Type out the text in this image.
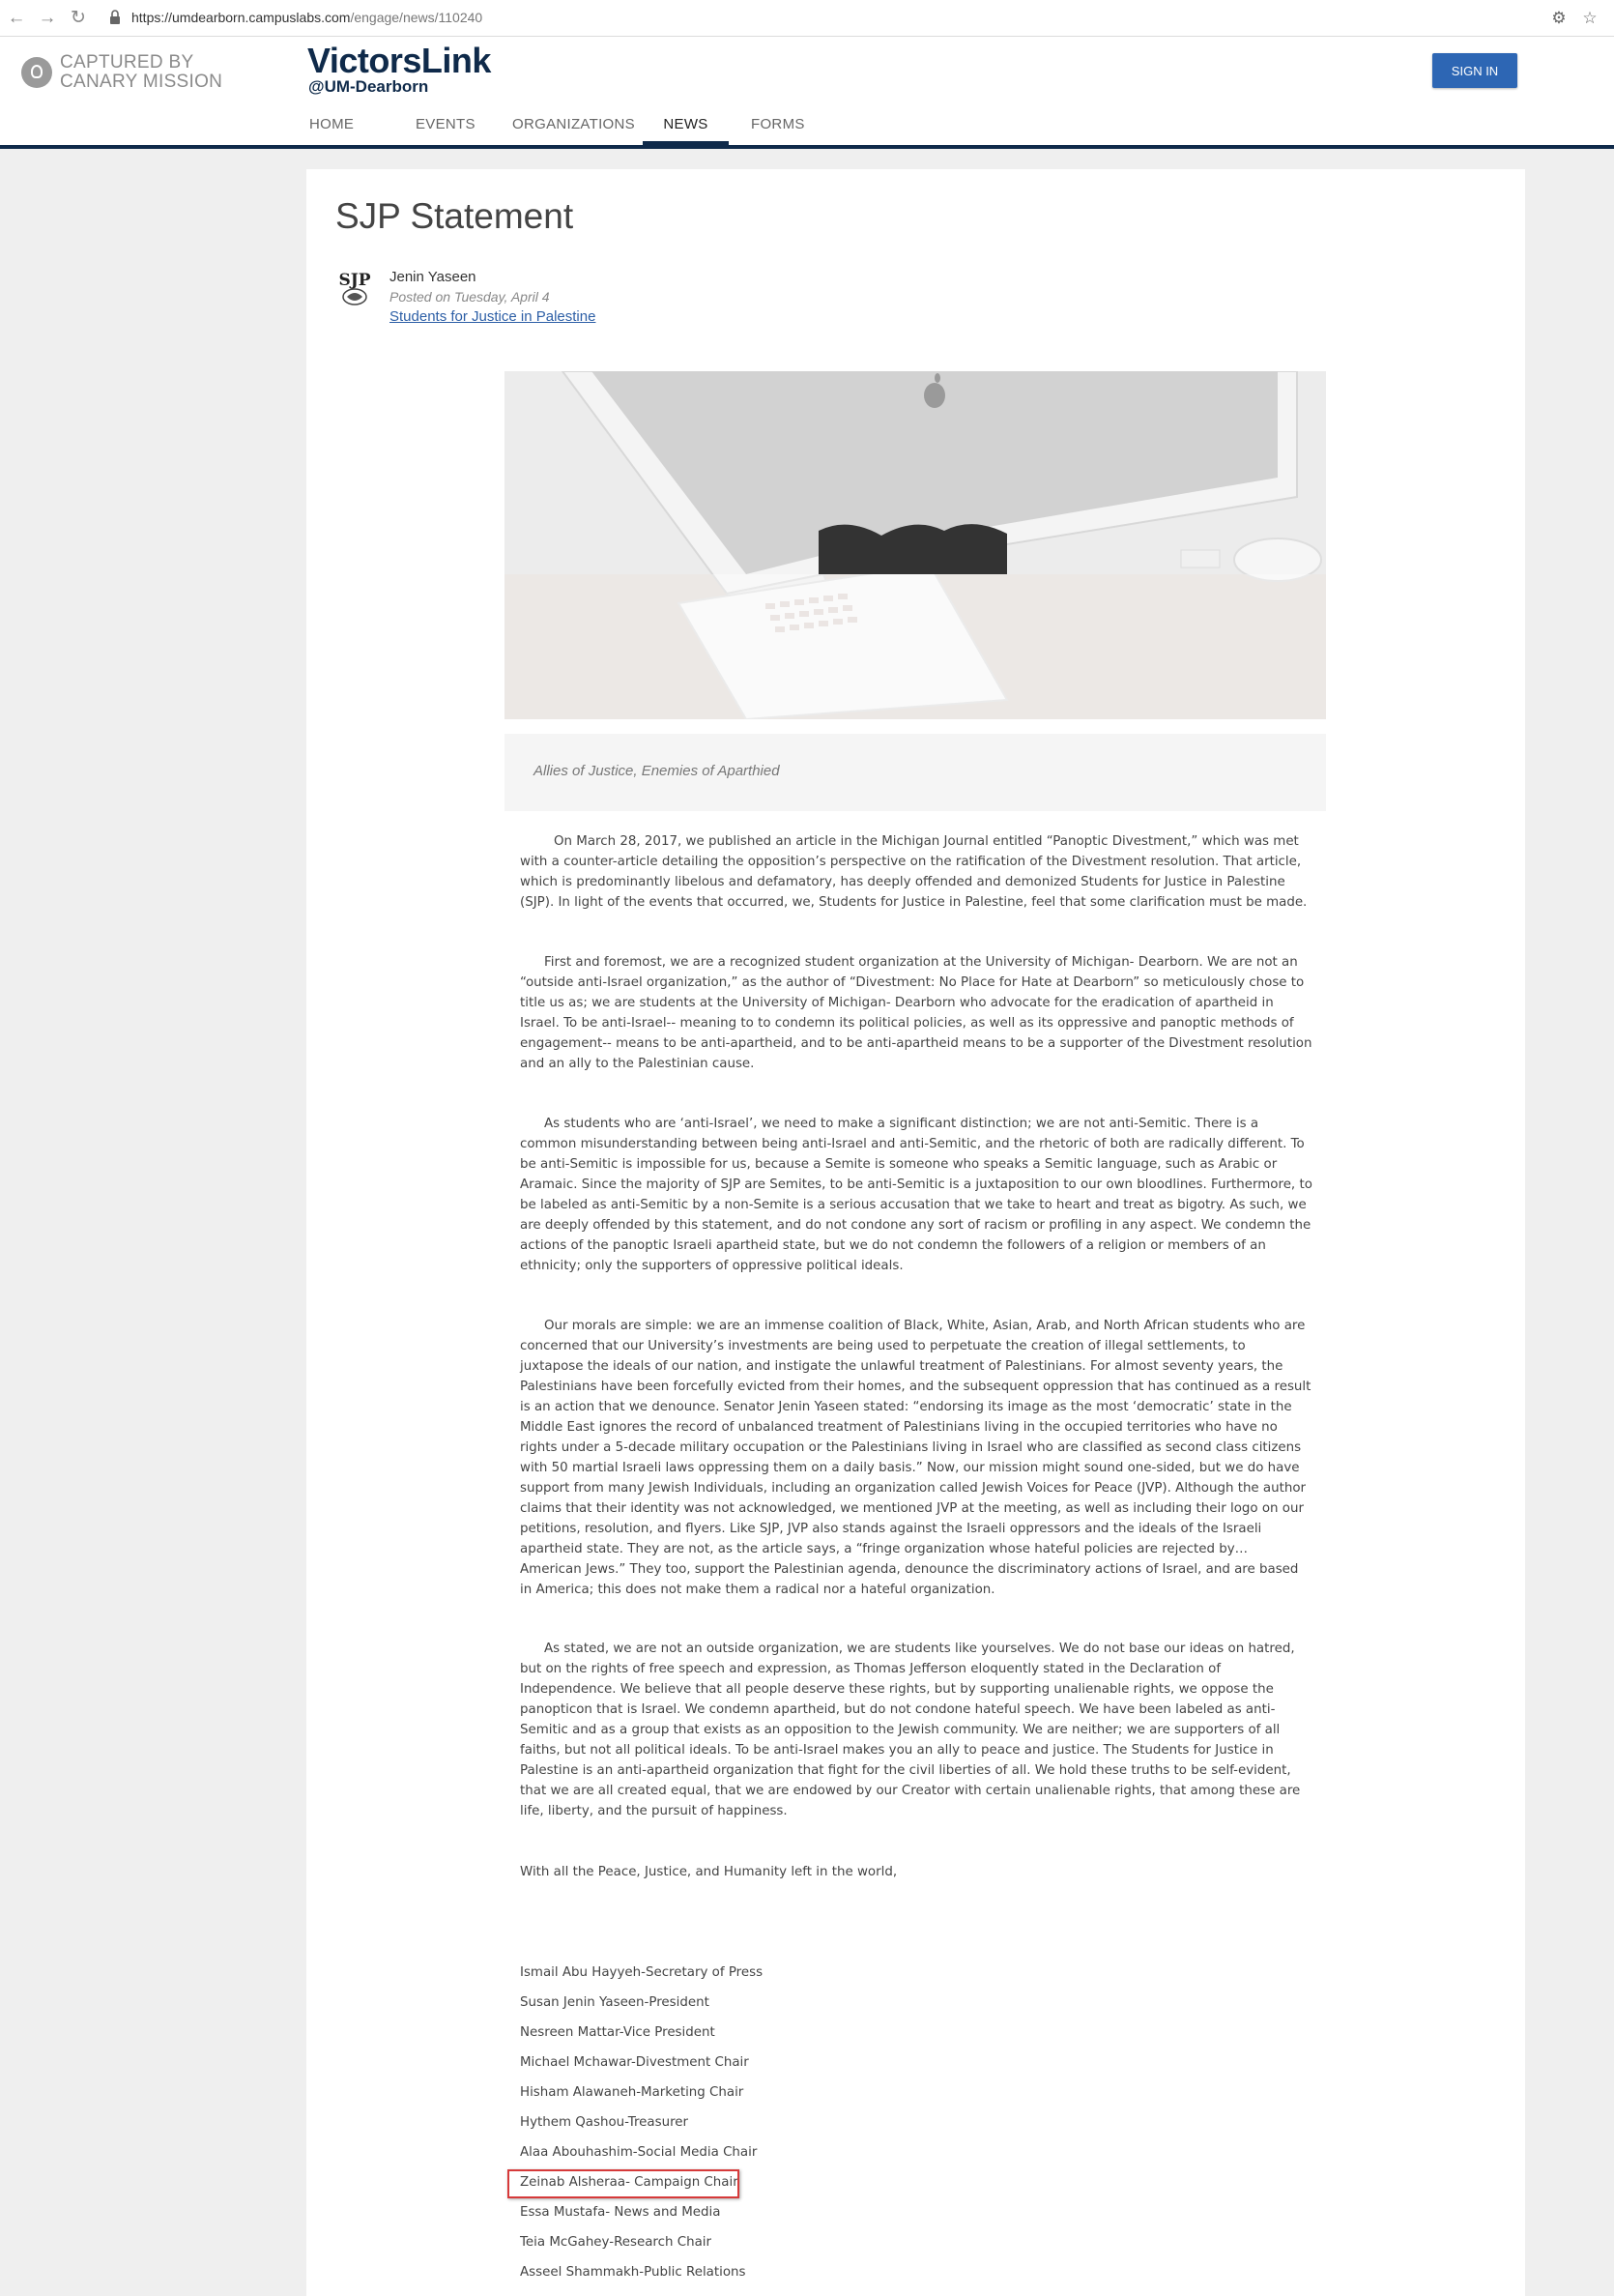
← → ↻	https://umdearborn.campuslabs.com/engage/news/110240	⚙ ☆
CAPTURED BY
CANARY MISSION
VictorsLink
@UM-Dearborn
SIGN IN
HOME	EVENTS	ORGANIZATIONS	NEWS	FORMS
SJP Statement
SJP Jenin Yaseen
Posted on Tuesday, April 4
Students for Justice in Palestine
Allies of Justice, Enemies of Aparthied

On March 28, 2017, we published an article in the Michigan Journal entitled “Panoptic Divestment,” which was met with a counter-article detailing the opposition’s perspective on the ratification of the Divestment resolution. That article, which is predominantly libelous and defamatory, has deeply offended and demonized Students for Justice in Palestine (SJP). In light of the events that occurred, we, Students for Justice in Palestine, feel that some clarification must be made.

First and foremost, we are a recognized student organization at the University of Michigan- Dearborn. We are not an “outside anti-Israel organization,” as the author of “Divestment: No Place for Hate at Dearborn” so meticulously chose to title us as; we are students at the University of Michigan- Dearborn who advocate for the eradication of apartheid in Israel. To be anti-Israel-- meaning to to condemn its political policies, as well as its oppressive and panoptic methods of engagement-- means to be anti-apartheid, and to be anti-apartheid means to be a supporter of the Divestment resolution and an ally to the Palestinian cause.

As students who are ‘anti-Israel’, we need to make a significant distinction; we are not anti-Semitic. There is a common misunderstanding between being anti-Israel and anti-Semitic, and the rhetoric of both are radically different. To be anti-Semitic is impossible for us, because a Semite is someone who speaks a Semitic language, such as Arabic or Aramaic. Since the majority of SJP are Semites, to be anti-Semitic is a juxtaposition to our own bloodlines. Furthermore, to be labeled as anti-Semitic by a non-Semite is a serious accusation that we take to heart and treat as bigotry. As such, we are deeply offended by this statement, and do not condone any sort of racism or profiling in any aspect. We condemn the actions of the panoptic Israeli apartheid state, but we do not condemn the followers of a religion or members of an ethnicity; only the supporters of oppressive political ideals.

Our morals are simple: we are an immense coalition of Black, White, Asian, Arab, and North African students who are concerned that our University’s investments are being used to perpetuate the creation of illegal settlements, to juxtapose the ideals of our nation, and instigate the unlawful treatment of Palestinians. For almost seventy years, the Palestinians have been forcefully evicted from their homes, and the subsequent oppression that has continued as a result is an action that we denounce. Senator Jenin Yaseen stated: “endorsing its image as the most ‘democratic’ state in the Middle East ignores the record of unbalanced treatment of Palestinians living in the occupied territories who have no rights under a 5-decade military occupation or the Palestinians living in Israel who are classified as second class citizens with 50 martial Israeli laws oppressing them on a daily basis.” Now, our mission might sound one-sided, but we do have support from many Jewish Individuals, including an organization called Jewish Voices for Peace (JVP). Although the author claims that their identity was not acknowledged, we mentioned JVP at the meeting, as well as including their logo on our petitions, resolution, and flyers. Like SJP, JVP also stands against the Israeli oppressors and the ideals of the Israeli apartheid state. They are not, as the article says, a “fringe organization whose hateful policies are rejected by… American Jews.” They too, support the Palestinian agenda, denounce the discriminatory actions of Israel, and are based in America; this does not make them a radical nor a hateful organization.

As stated, we are not an outside organization, we are students like yourselves. We do not base our ideas on hatred, but on the rights of free speech and expression, as Thomas Jefferson eloquently stated in the Declaration of Independence. We believe that all people deserve these rights, but by supporting unalienable rights, we oppose the panopticon that is Israel. We condemn apartheid, but do not condone hateful speech. We have been labeled as anti-Semitic and as a group that exists as an opposition to the Jewish community. We are neither; we are supporters of all faiths, but not all political ideals. To be anti-Israel makes you an ally to peace and justice. The Students for Justice in Palestine is an anti-apartheid organization that fight for the civil liberties of all. We hold these truths to be self-evident, that we are all created equal, that we are endowed by our Creator with certain unalienable rights, that among these are life, liberty, and the pursuit of happiness.

With all the Peace, Justice, and Humanity left in the world,
Ismail Abu Hayyeh-Secretary of Press
Susan Jenin Yaseen-President
Nesreen Mattar-Vice President
Michael Mchawar-Divestment Chair
Hisham Alawaneh-Marketing Chair
Hythem Qashou-Treasurer
Alaa Abouhashim-Social Media Chair
Zeinab Alsheraa- Campaign Chair
Essa Mustafa- News and Media
Teia McGahey-Research Chair
Asseel Shammakh-Public Relations
